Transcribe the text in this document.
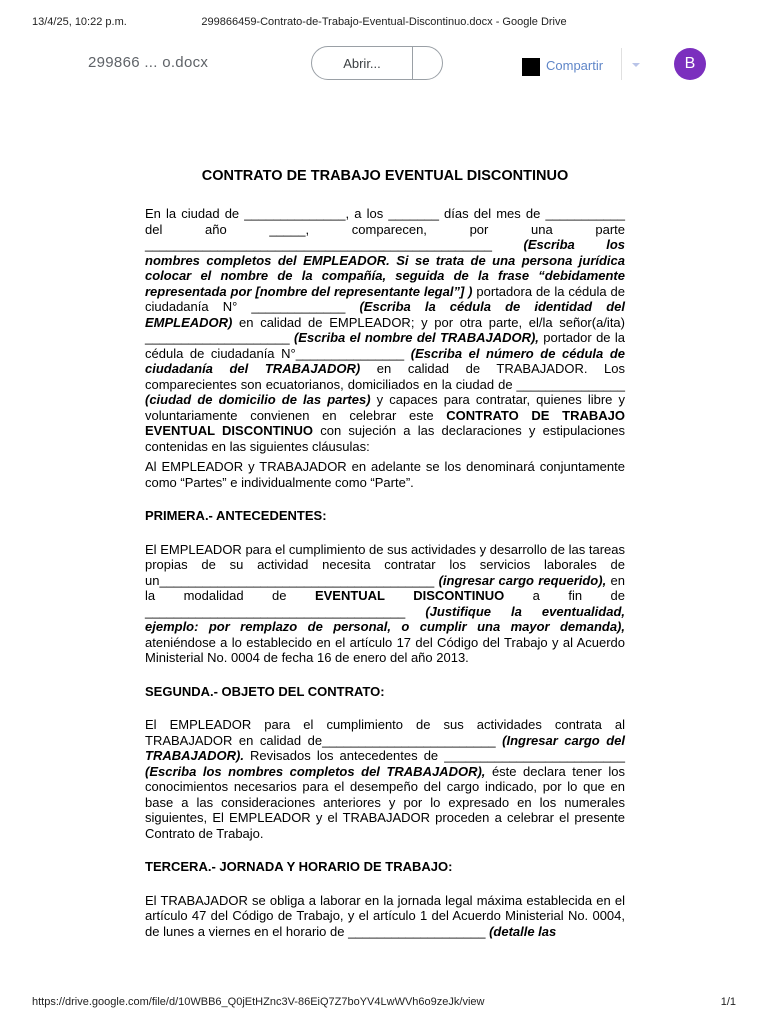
13/4/25, 10:22 p.m.	299866459-Contrato-de-Trabajo-Eventual-Discontinuo.docx - Google Drive
299866 ... o.docx	Abrir...	Compartir	B
CONTRATO DE TRABAJO EVENTUAL DISCONTINUO

En la ciudad de ______________, a los _______ días del mes de ___________ del año _____, comparecen, por una parte ________________________________________________ (Escriba los nombres completos del EMPLEADOR. Si se trata de una persona jurídica colocar el nombre de la compañía, seguida de la frase “debidamente representada por [nombre del representante legal”] ) portadora de la cédula de ciudadanía N° _____________ (Escriba la cédula de identidad del EMPLEADOR) en calidad de EMPLEADOR; y por otra parte, el/la señor(a/ita) ____________________ (Escriba el nombre del TRABAJADOR), portador de la cédula de ciudadanía N°_______________ (Escriba el número de cédula de ciudadanía del TRABAJADOR) en calidad de TRABAJADOR. Los comparecientes son ecuatorianos, domiciliados en la ciudad de _______________ (ciudad de domicilio de las partes) y capaces para contratar, quienes libre y voluntariamente convienen en celebrar este CONTRATO DE TRABAJO EVENTUAL DISCONTINUO con sujeción a las declaraciones y estipulaciones contenidas en las siguientes cláusulas:

Al EMPLEADOR y TRABAJADOR en adelante se los denominará conjuntamente como “Partes” e individualmente como “Parte”.

PRIMERA.- ANTECEDENTES:

El EMPLEADOR para el cumplimiento de sus actividades y desarrollo de las tareas propias de su actividad necesita contratar los servicios laborales de un______________________________________ (ingresar cargo requerido), en la modalidad de EVENTUAL DISCONTINUO a fin de ____________________________________ (Justifique la eventualidad, ejemplo: por remplazo de personal, o cumplir una mayor demanda), ateniéndose a lo establecido en el artículo 17 del Código del Trabajo y al Acuerdo Ministerial No. 0004 de fecha 16 de enero del año 2013.

SEGUNDA.- OBJETO DEL CONTRATO:

El EMPLEADOR para el cumplimiento de sus actividades contrata al TRABAJADOR en calidad de________________________ (Ingresar cargo del TRABAJADOR). Revisados los antecedentes de _________________________ (Escriba los nombres completos del TRABAJADOR), éste declara tener los conocimientos necesarios para el desempeño del cargo indicado, por lo que en base a las consideraciones anteriores y por lo expresado en los numerales siguientes, El EMPLEADOR y el TRABAJADOR proceden a celebrar el presente Contrato de Trabajo.

TERCERA.- JORNADA Y HORARIO DE TRABAJO:

El TRABAJADOR se obliga a laborar en la jornada legal máxima establecida en el artículo 47 del Código de Trabajo, y el artículo 1 del Acuerdo Ministerial No. 0004, de lunes a viernes en el horario de ___________________ (detalle las

https://drive.google.com/file/d/10WBB6_Q0jEtHZnc3V-86EiQ7Z7boYV4LwWVh6o9zeJk/view	1/1
